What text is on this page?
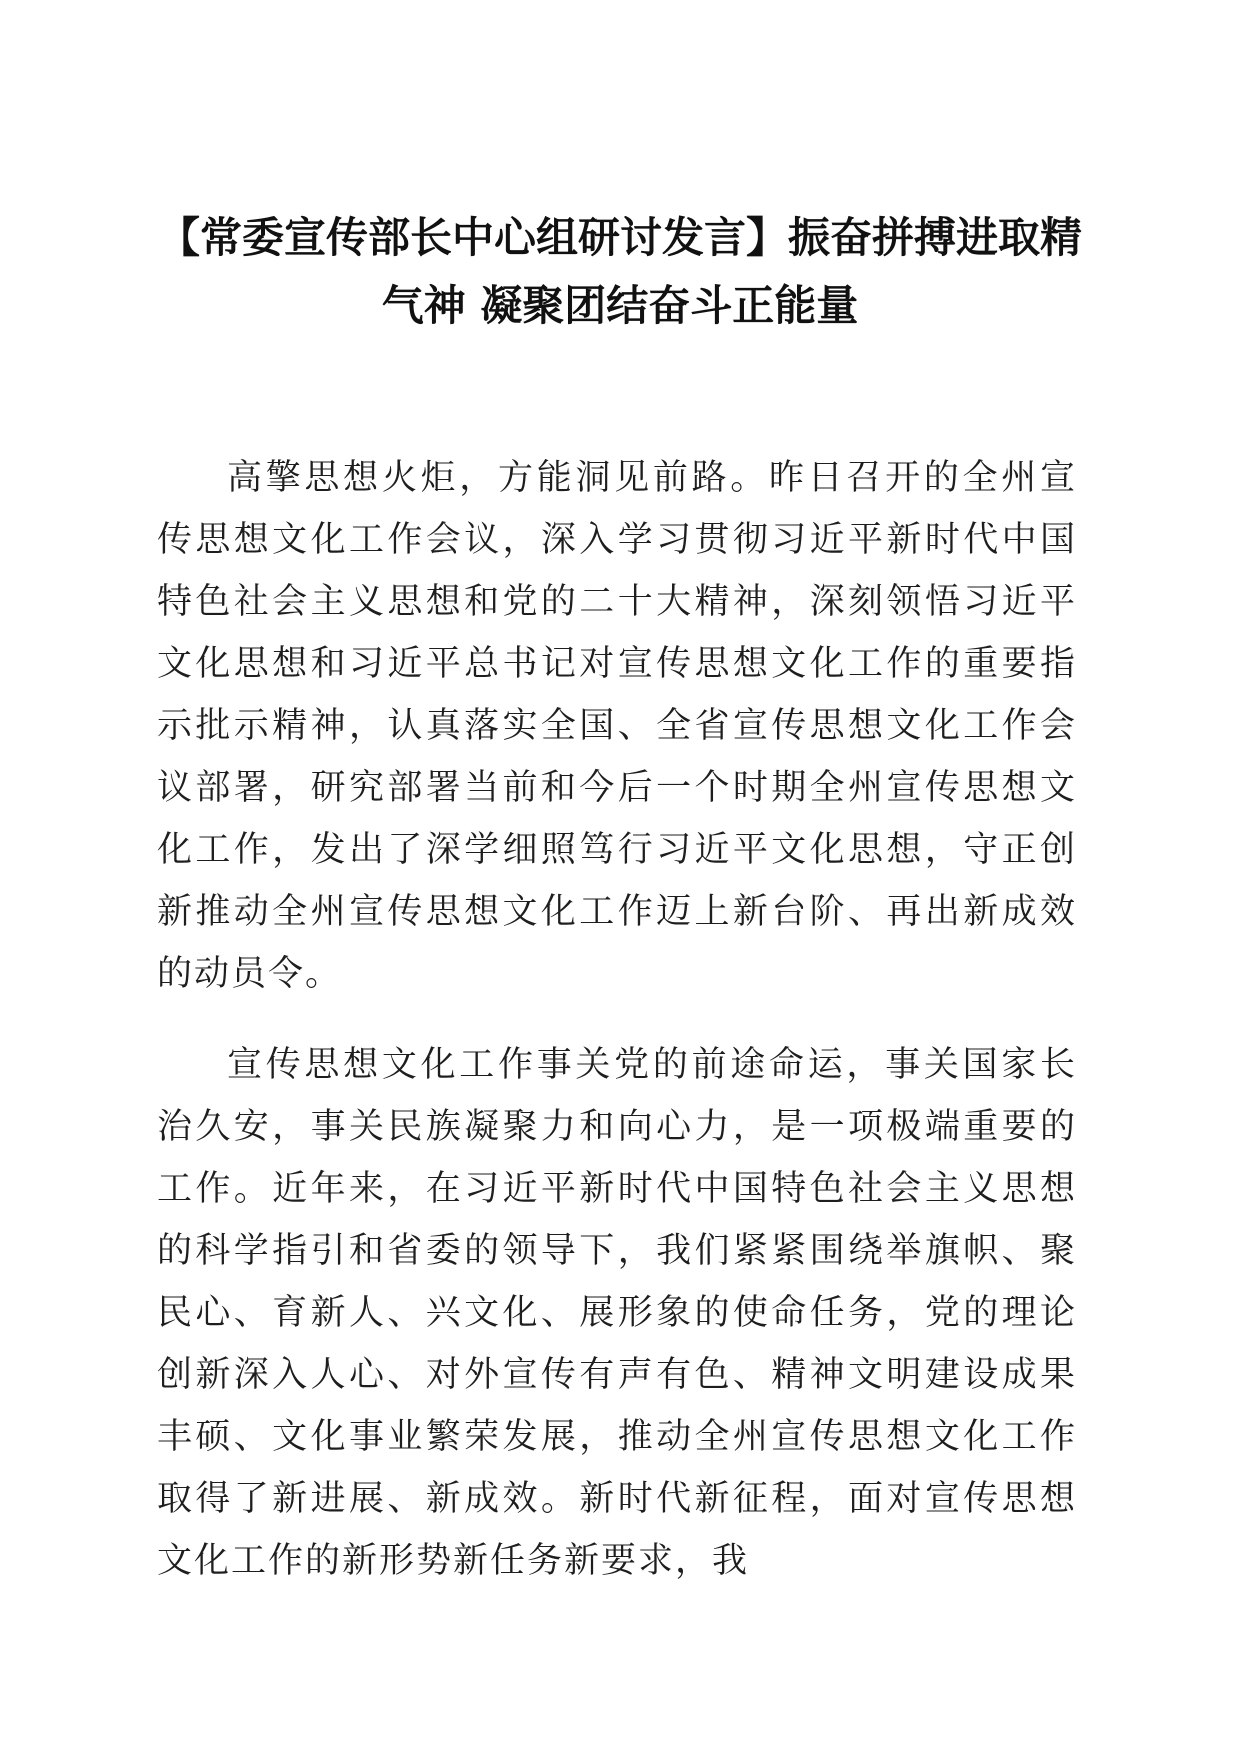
【常委宣传部长中心组研讨发言】振奋拼搏进取精气神 凝聚团结奋斗正能量

高擎思想火炬，方能洞见前路。昨日召开的全州宣传思想文化工作会议，深入学习贯彻习近平新时代中国特色社会主义思想和党的二十大精神，深刻领悟习近平文化思想和习近平总书记对宣传思想文化工作的重要指示批示精神，认真落实全国、全省宣传思想文化工作会议部署，研究部署当前和今后一个时期全州宣传思想文化工作，发出了深学细照笃行习近平文化思想，守正创新推动全州宣传思想文化工作迈上新台阶、再出新成效的动员令。

宣传思想文化工作事关党的前途命运，事关国家长治久安，事关民族凝聚力和向心力，是一项极端重要的工作。近年来，在习近平新时代中国特色社会主义思想的科学指引和省委的领导下，我们紧紧围绕举旗帜、聚民心、育新人、兴文化、展形象的使命任务，党的理论创新深入人心、对外宣传有声有色、精神文明建设成果丰硕、文化事业繁荣发展，推动全州宣传思想文化工作取得了新进展、新成效。新时代新征程，面对宣传思想文化工作的新形势新任务新要求，我
